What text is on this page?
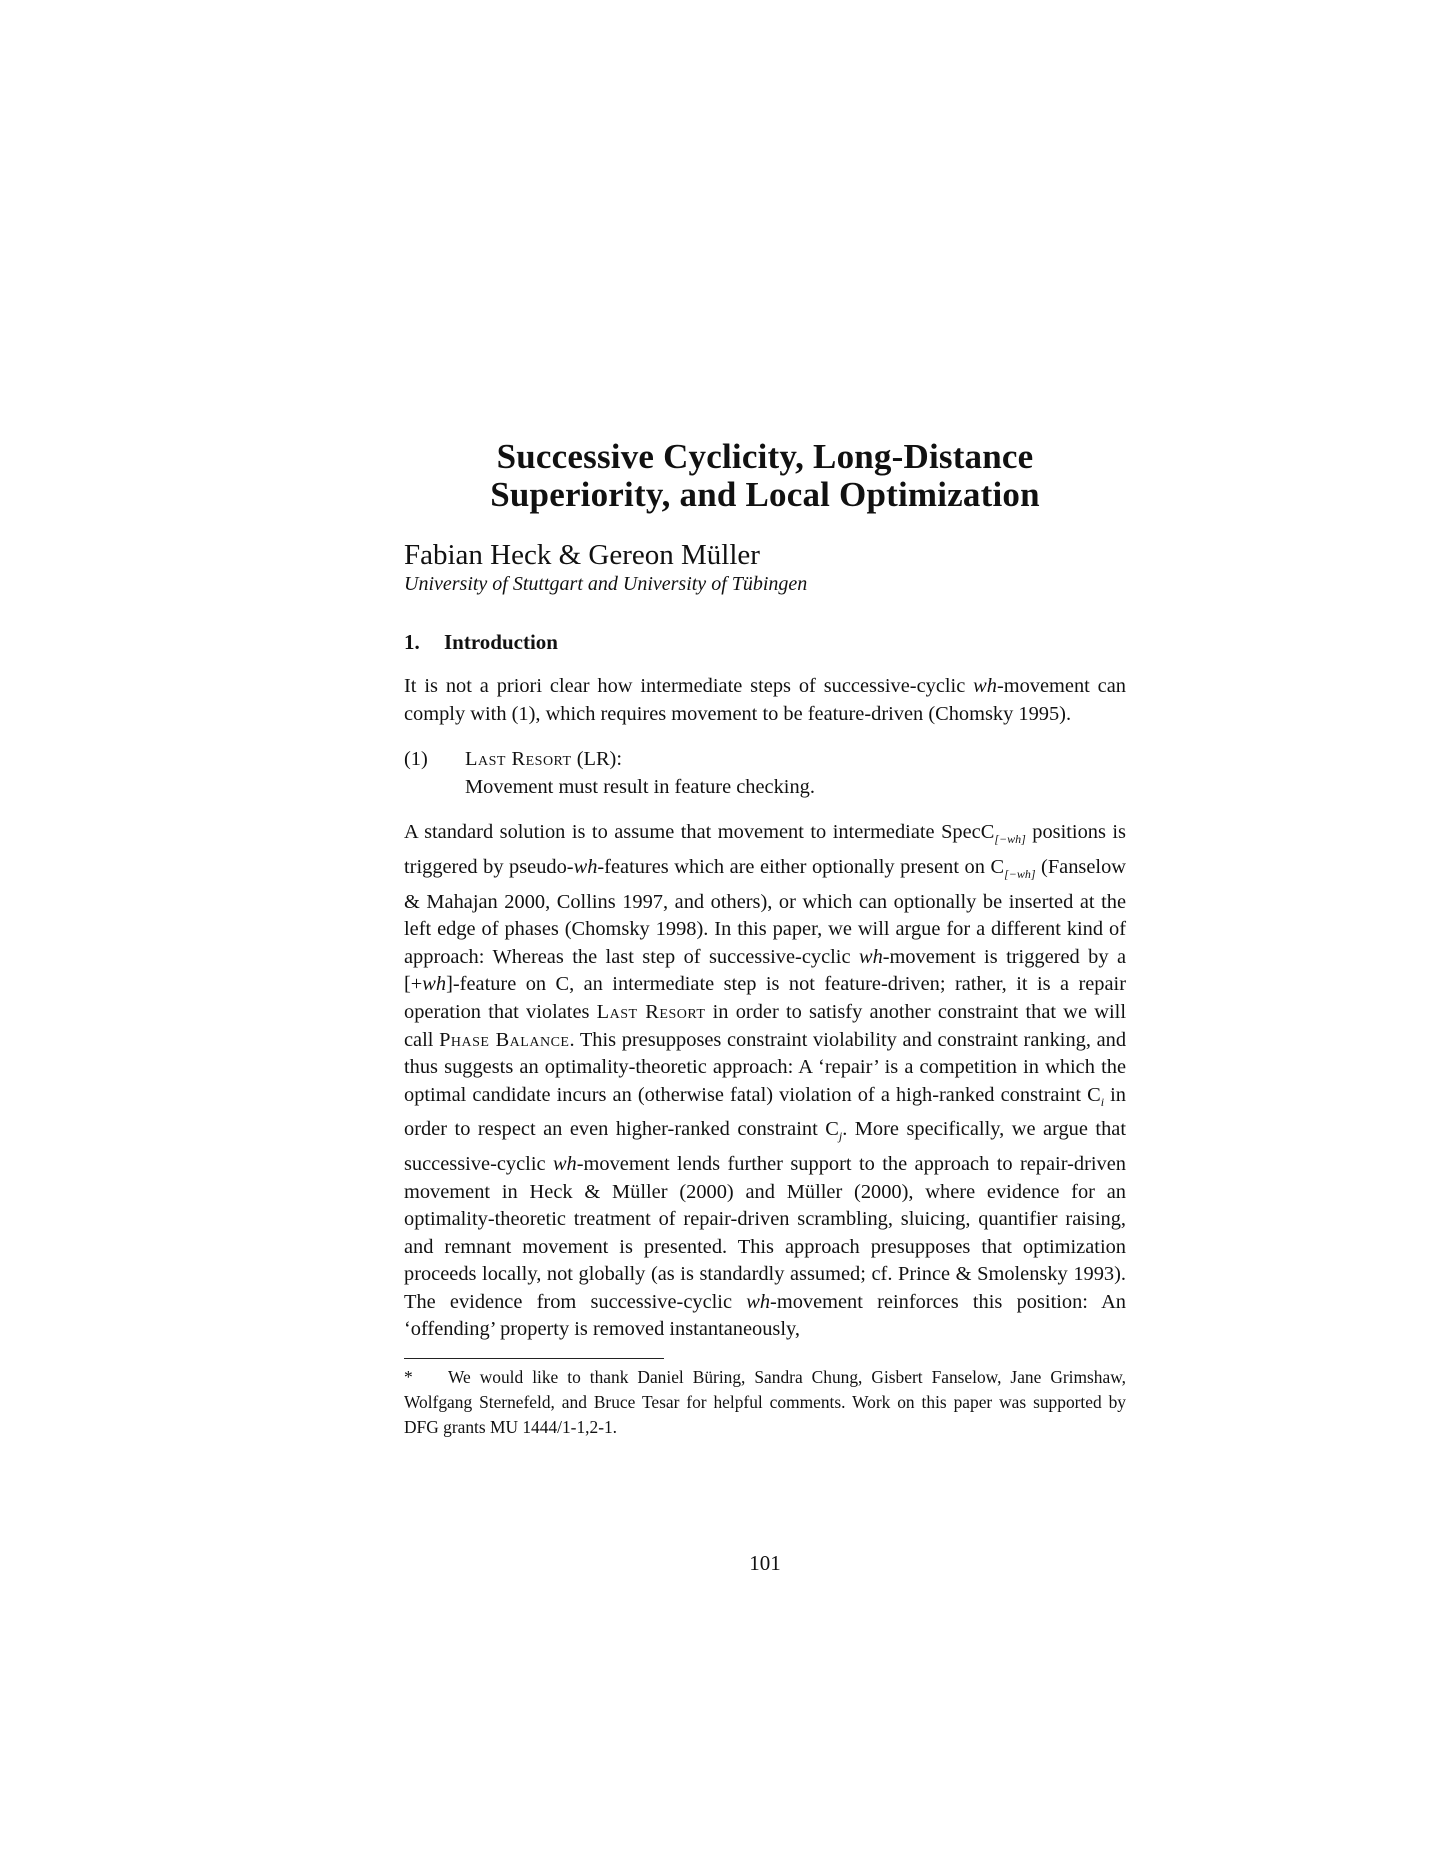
Successive Cyclicity, Long-Distance
Superiority, and Local Optimization
Fabian Heck & Gereon Müller
University of Stuttgart and University of Tübingen
1. Introduction

It is not a priori clear how intermediate steps of successive-cyclic wh-movement can comply with (1), which requires movement to be feature-driven (Chomsky 1995).

(1)	Last Resort (LR):
Movement must result in feature checking.

A standard solution is to assume that movement to intermediate SpecC$_{[-wh]}$ positions is triggered by pseudo-wh-features which are either optionally present on $C_{[-wh]}$ (Fanselow & Mahajan 2000, Collins 1997, and others), or which can optionally be inserted at the left edge of phases (Chomsky 1998). In this paper, we will argue for a different kind of approach: Whereas the last step of successive-cyclic wh-movement is triggered by a [+wh]-feature on C, an intermediate step is not feature-driven; rather, it is a repair operation that violates Last Resort in order to satisfy another constraint that we will call Phase Balance. This presupposes constraint violability and constraint ranking, and thus suggests an optimality-theoretic approach: A ‘repair’ is a competition in which the optimal candidate incurs an (otherwise fatal) violation of a high-ranked constraint $C_i$ in order to respect an even higher-ranked constraint $C_j$. More specifically, we argue that successive-cyclic wh-movement lends further support to the approach to repair-driven movement in Heck & Müller (2000) and Müller (2000), where evidence for an optimality-theoretic treatment of repair-driven scrambling, sluicing, quantifier raising, and remnant movement is presented. This approach presupposes that optimization proceeds locally, not globally (as is standardly assumed; cf. Prince & Smolensky 1993). The evidence from successive-cyclic wh-movement reinforces this position: An ‘offending’ property is removed instantaneously,

* We would like to thank Daniel Büring, Sandra Chung, Gisbert Fanselow, Jane Grimshaw, Wolfgang Sternefeld, and Bruce Tesar for helpful comments. Work on this paper was supported by DFG grants MU 1444/1-1,2-1.
101
